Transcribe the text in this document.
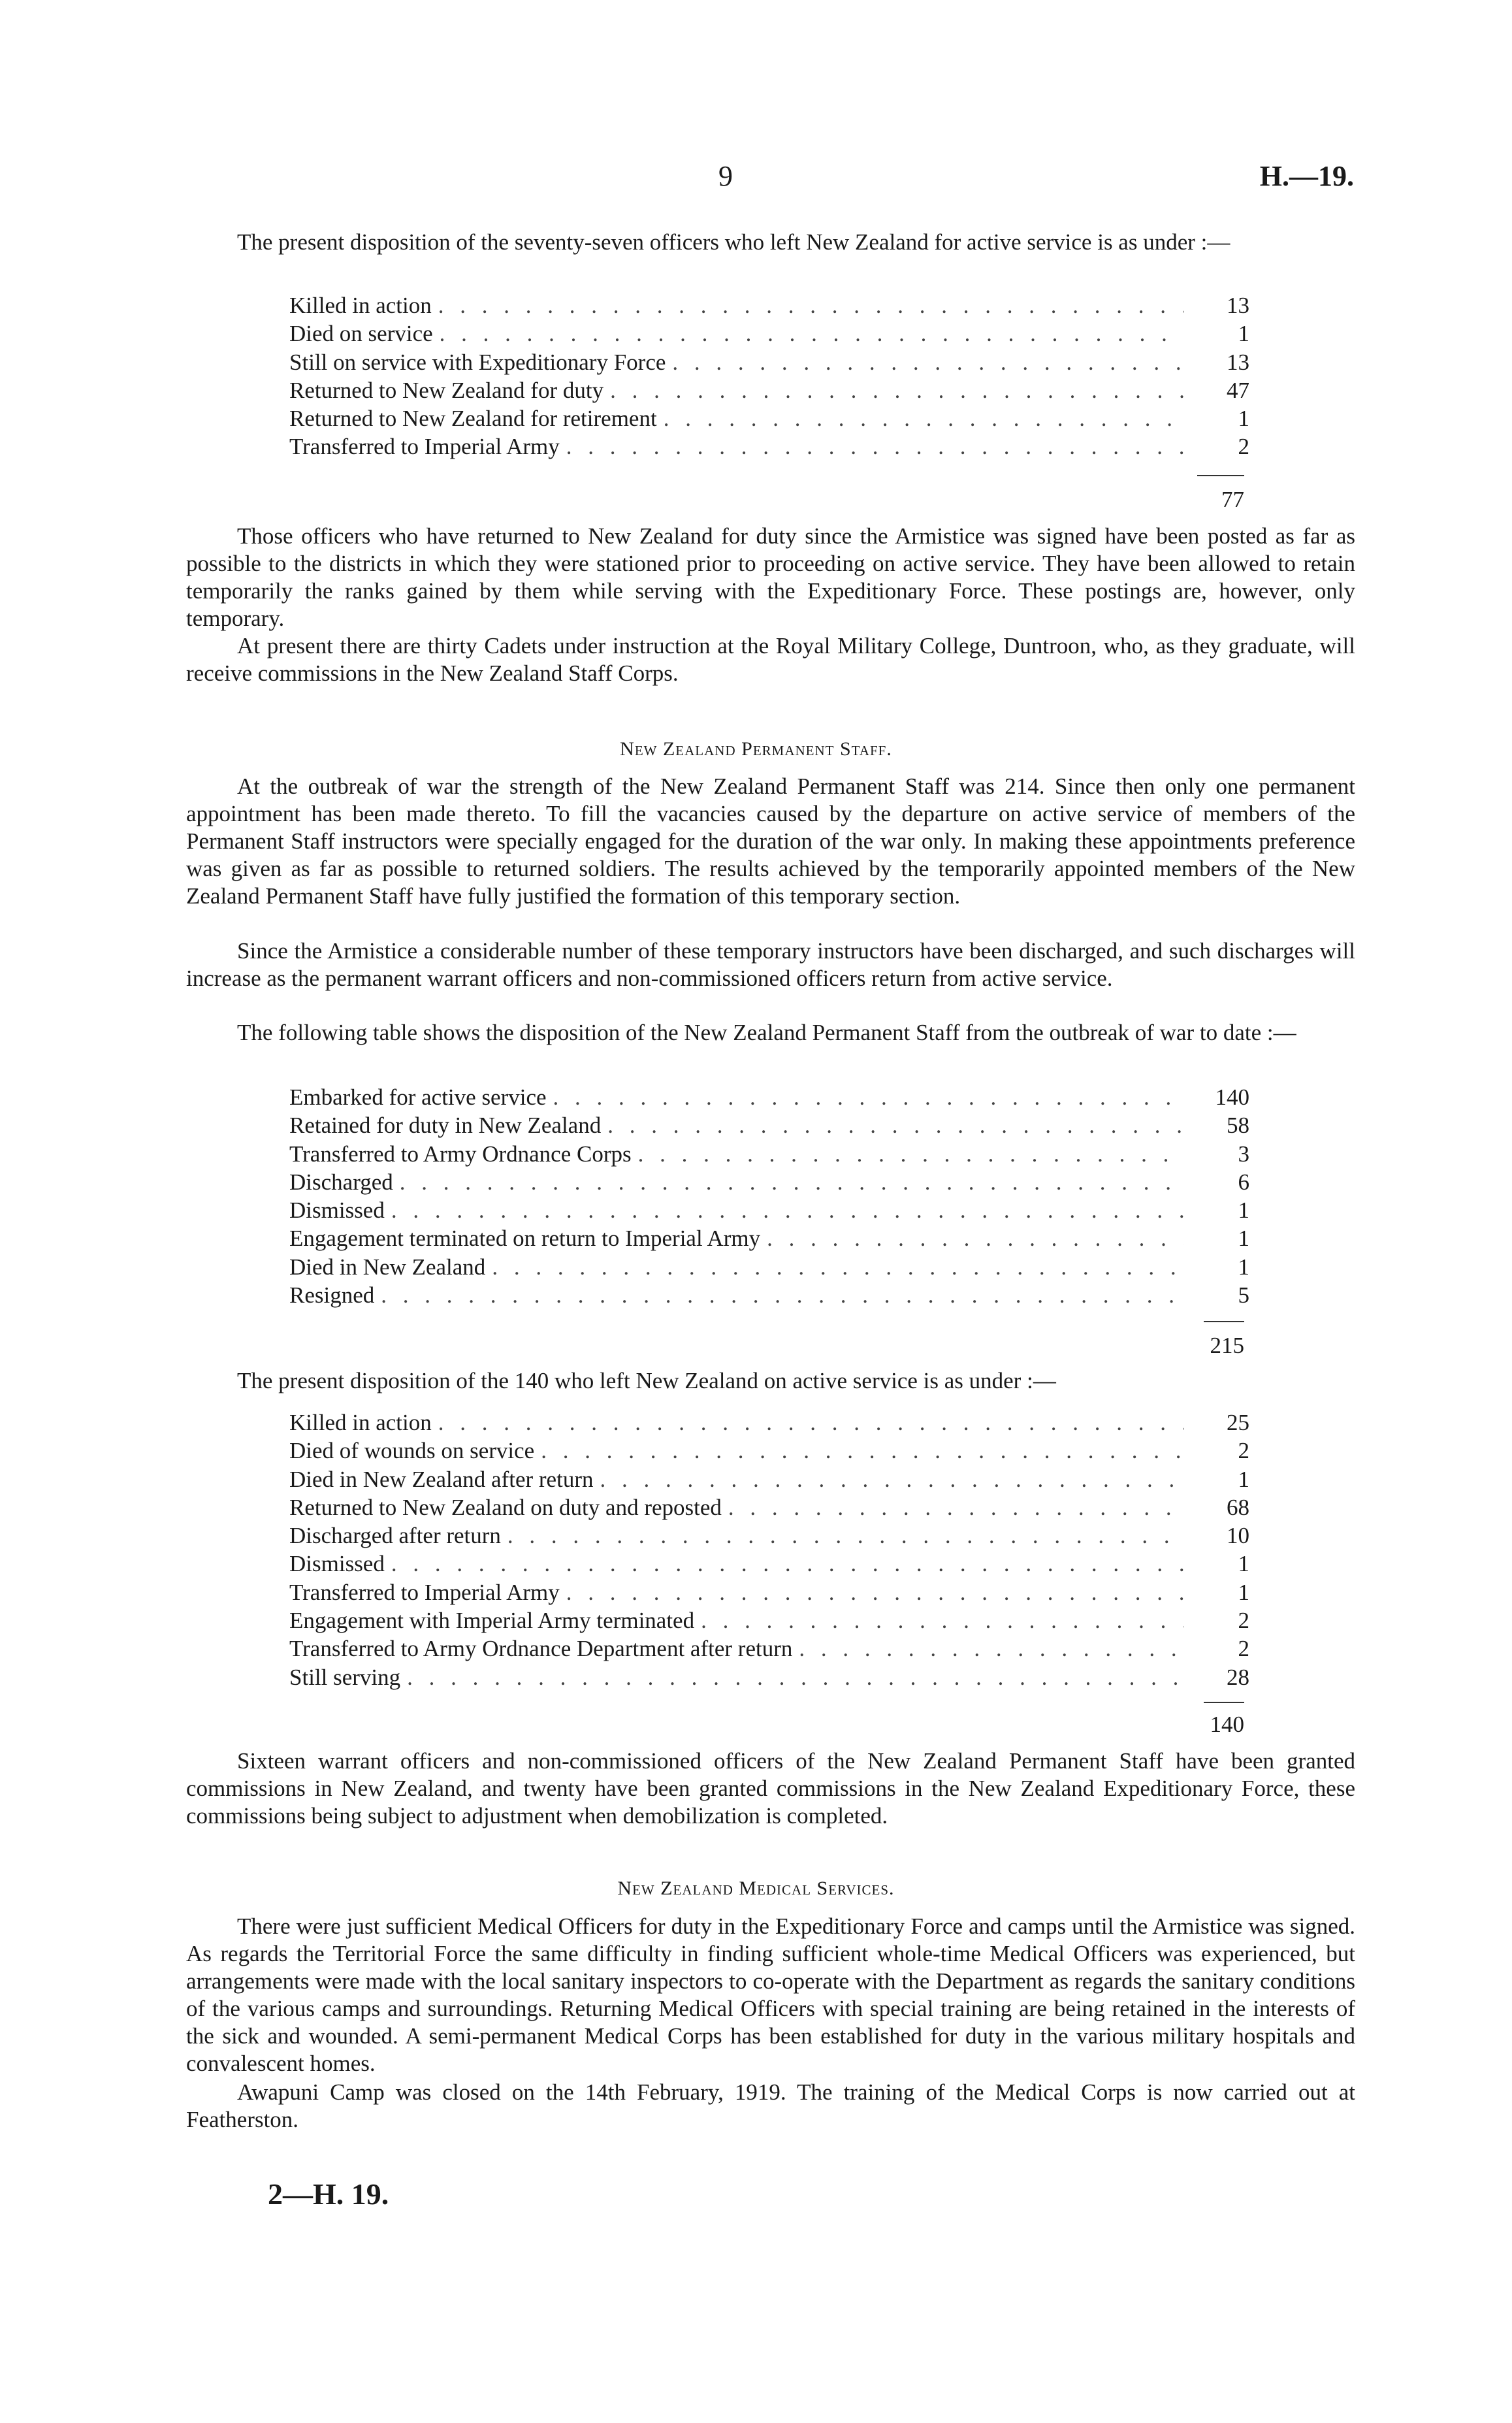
9	H.—19.

The present disposition of the seventy-seven officers who left New Zealand for active service is as under :—

Killed in action . . .	13
Died on service . . .	1
Still on service with Expeditionary Force . . .	13
Returned to New Zealand for duty . . .	47
Returned to New Zealand for retirement . . .	1
Transferred to Imperial Army . . .	2
77

Those officers who have returned to New Zealand for duty since the Armistice was signed have been posted as far as possible to the districts in which they were stationed prior to proceeding on active service. They have been allowed to retain temporarily the ranks gained by them while serving with the Expeditionary Force. These postings are, however, only temporary.

At present there are thirty Cadets under instruction at the Royal Military College, Duntroon, who, as they graduate, will receive commissions in the New Zealand Staff Corps.

New Zealand Permanent Staff.

At the outbreak of war the strength of the New Zealand Permanent Staff was 214. Since then only one permanent appointment has been made thereto. To fill the vacancies caused by the departure on active service of members of the Permanent Staff instructors were specially engaged for the duration of the war only. In making these appointments preference was given as far as possible to returned soldiers. The results achieved by the temporarily appointed members of the New Zealand Permanent Staff have fully justified the formation of this temporary section.

Since the Armistice a considerable number of these temporary instructors have been discharged, and such discharges will increase as the permanent warrant officers and non-commissioned officers return from active service.

The following table shows the disposition of the New Zealand Permanent Staff from the outbreak of war to date :—

Embarked for active service . . .	140
Retained for duty in New Zealand . . .	58
Transferred to Army Ordnance Corps . . .	3
Discharged . . .	6
Dismissed . . .	1
Engagement terminated on return to Imperial Army . . .	1
Died in New Zealand . . .	1
Resigned . . .	5
215

The present disposition of the 140 who left New Zealand on active service is as under :—

Killed in action . . .	25
Died of wounds on service . . .	2
Died in New Zealand after return . . .	1
Returned to New Zealand on duty and reposted . . .	68
Discharged after return . . .	10
Dismissed . . .	1
Transferred to Imperial Army . . .	1
Engagement with Imperial Army terminated . . .	2
Transferred to Army Ordnance Department after return . . .	2
Still serving . . .	28
140

Sixteen warrant officers and non-commissioned officers of the New Zealand Permanent Staff have been granted commissions in New Zealand, and twenty have been granted commissions in the New Zealand Expeditionary Force, these commissions being subject to adjustment when demobilization is completed.

New Zealand Medical Services.

There were just sufficient Medical Officers for duty in the Expeditionary Force and camps until the Armistice was signed. As regards the Territorial Force the same difficulty in finding sufficient whole-time Medical Officers was experienced, but arrangements were made with the local sanitary inspectors to co-operate with the Department as regards the sanitary conditions of the various camps and surroundings. Returning Medical Officers with special training are being retained in the interests of the sick and wounded. A semi-permanent Medical Corps has been established for duty in the various military hospitals and convalescent homes.

Awapuni Camp was closed on the 14th February, 1919. The training of the Medical Corps is now carried out at Featherston.

2—H. 19.
